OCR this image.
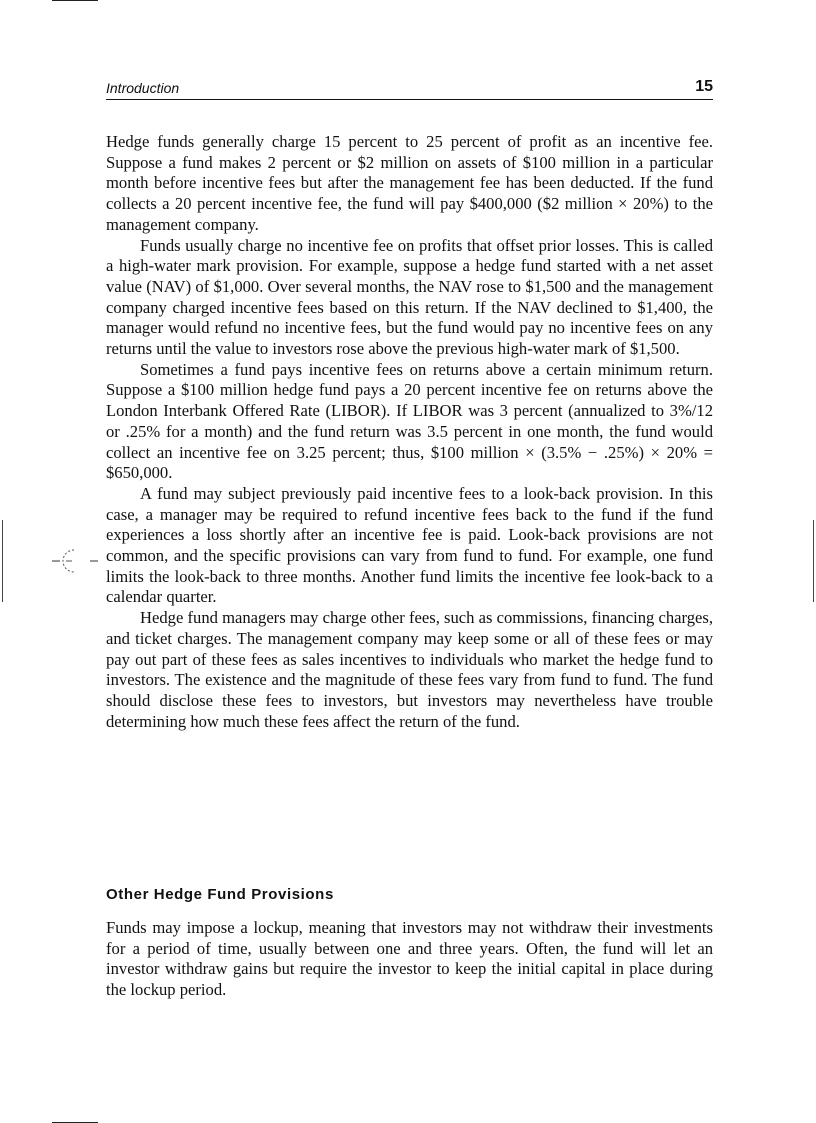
Introduction	15

Hedge funds generally charge 15 percent to 25 percent of profit as an incentive fee. Suppose a fund makes 2 percent or $2 million on assets of $100 million in a particular month before incentive fees but after the management fee has been deducted. If the fund collects a 20 percent incentive fee, the fund will pay $400,000 ($2 million × 20%) to the management company.

Funds usually charge no incentive fee on profits that offset prior losses. This is called a high-water mark provision. For example, suppose a hedge fund started with a net asset value (NAV) of $1,000. Over several months, the NAV rose to $1,500 and the management company charged incentive fees based on this return. If the NAV declined to $1,400, the manager would refund no incentive fees, but the fund would pay no incentive fees on any returns until the value to investors rose above the previous high-water mark of $1,500.

Sometimes a fund pays incentive fees on returns above a certain minimum return. Suppose a $100 million hedge fund pays a 20 percent incentive fee on returns above the London Interbank Offered Rate (LIBOR). If LIBOR was 3 percent (annualized to 3%/12 or .25% for a month) and the fund return was 3.5 percent in one month, the fund would collect an incentive fee on 3.25 percent; thus, $100 million × (3.5% − .25%) × 20% = $650,000.

A fund may subject previously paid incentive fees to a look-back provision. In this case, a manager may be required to refund incentive fees back to the fund if the fund experiences a loss shortly after an incentive fee is paid. Look-back provisions are not common, and the specific provisions can vary from fund to fund. For example, one fund limits the look-back to three months. Another fund limits the incentive fee look-back to a calendar quarter.

Hedge fund managers may charge other fees, such as commissions, financing charges, and ticket charges. The management company may keep some or all of these fees or may pay out part of these fees as sales incentives to individuals who market the hedge fund to investors. The existence and the magnitude of these fees vary from fund to fund. The fund should disclose these fees to investors, but investors may nevertheless have trouble determining how much these fees affect the return of the fund.

Other Hedge Fund Provisions

Funds may impose a lockup, meaning that investors may not withdraw their investments for a period of time, usually between one and three years. Often, the fund will let an investor withdraw gains but require the investor to keep the initial capital in place during the lockup period.
